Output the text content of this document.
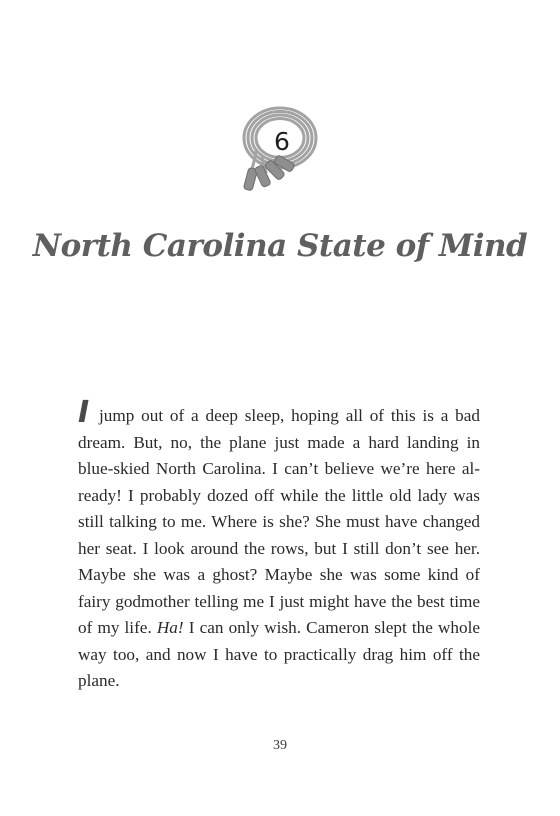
6
North Carolina State of Mind

I jump out of a deep sleep, hoping all of this is a bad dream. But, no, the plane just made a hard landing in blue-skied North Carolina. I can’t believe we’re here already! I probably dozed off while the little old lady was still talking to me. Where is she? She must have changed her seat. I look around the rows, but I still don’t see her. Maybe she was a ghost? Maybe she was some kind of fairy godmother telling me I just might have the best time of my life. Ha! I can only wish. Cameron slept the whole way too, and now I have to practically drag him off the plane.

39
